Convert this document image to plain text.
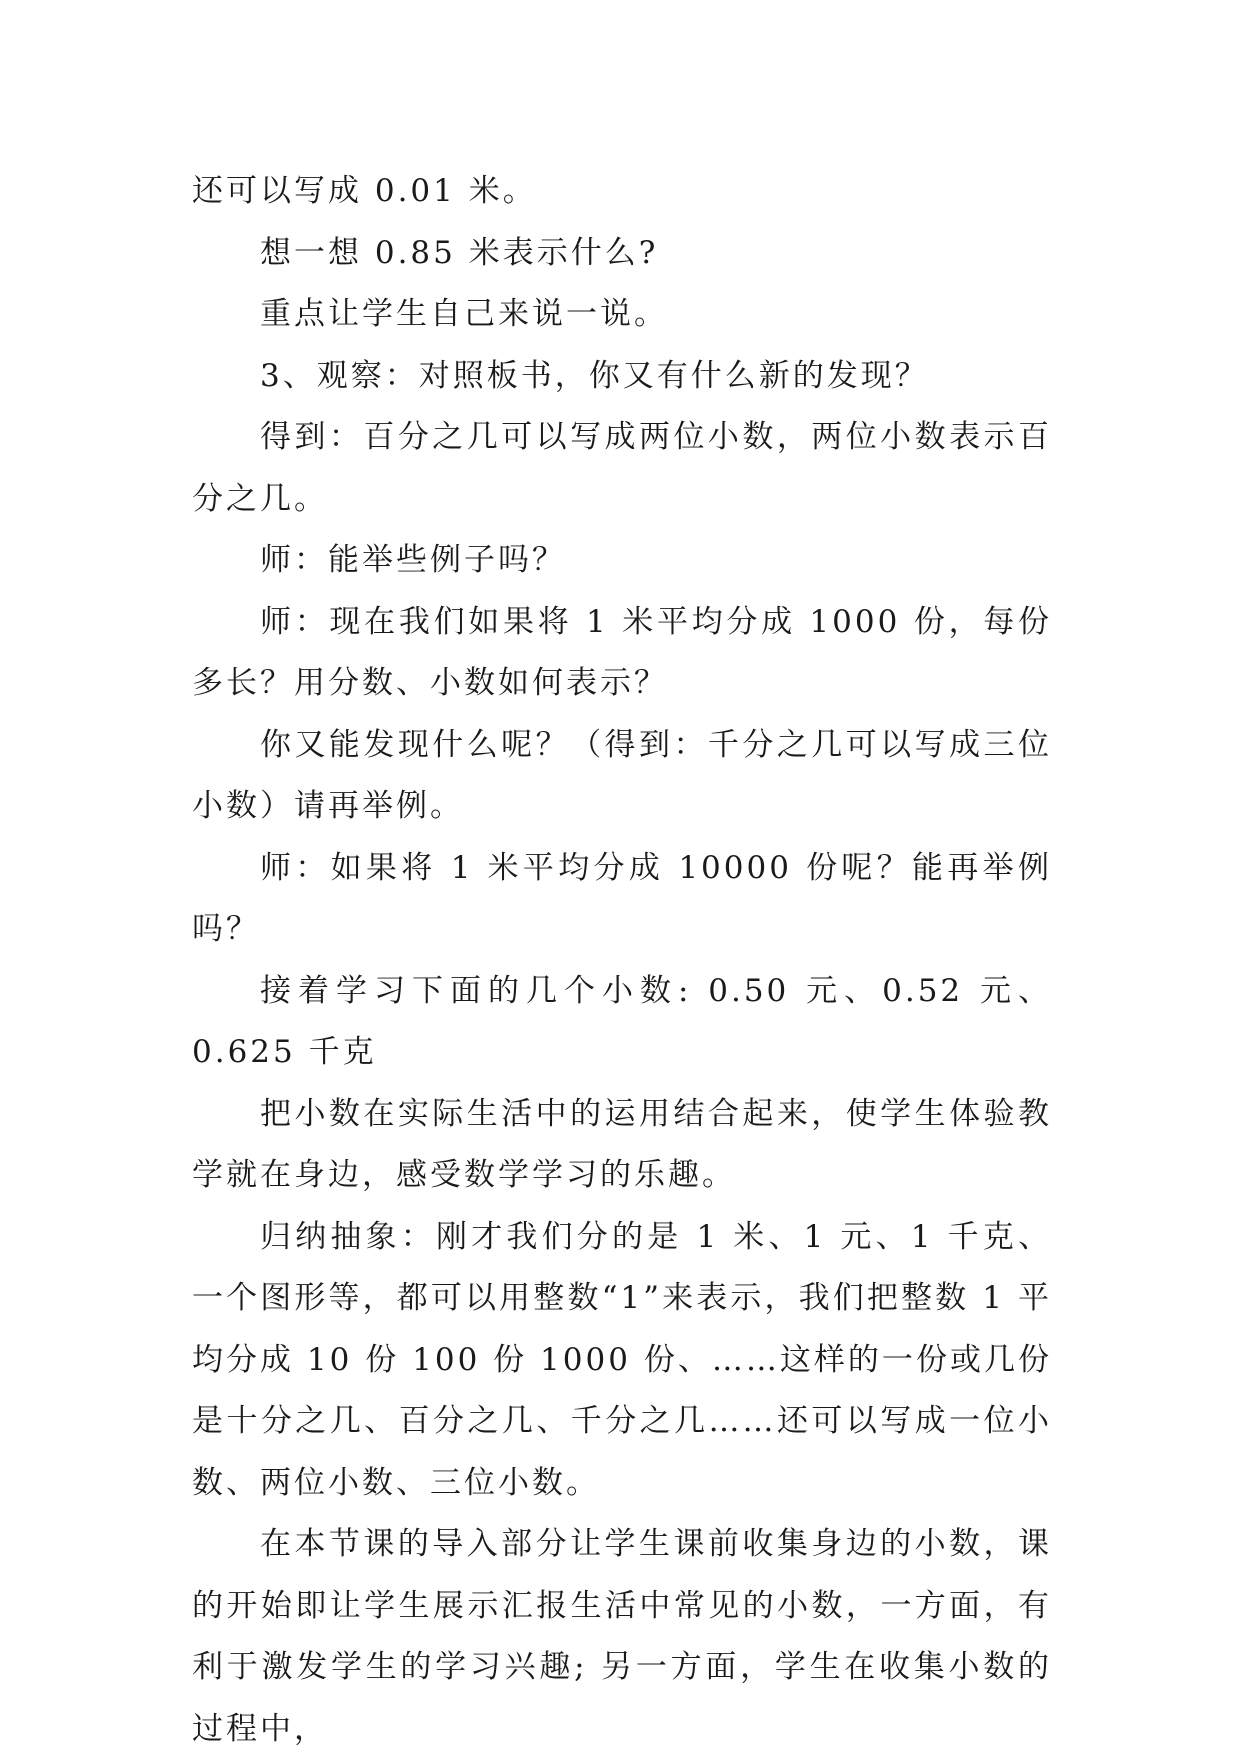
还可以写成 0.01 米。

想一想 0.85 米表示什么?

重点让学生自己来说一说。

3、观察：对照板书，你又有什么新的发现？

得到：百分之几可以写成两位小数，两位小数表示百分之几。

师：能举些例子吗？

师：现在我们如果将 1 米平均分成 1000 份，每份多长？用分数、小数如何表示？

你又能发现什么呢？（得到：千分之几可以写成三位小数）请再举例。

师：如果将 1 米平均分成 10000 份呢？能再举例吗？

接着学习下面的几个小数: 0.50 元、0.52 元、0.625 千克

把小数在实际生活中的运用结合起来，使学生体验教学就在身边，感受数学学习的乐趣。

归纳抽象：刚才我们分的是 1 米、1 元、1 千克、一个图形等，都可以用整数“1”来表示，我们把整数 1 平均分成 10 份 100 份 1000 份、……这样的一份或几份是十分之几、百分之几、千分之几……还可以写成一位小数、两位小数、三位小数。

在本节课的导入部分让学生课前收集身边的小数，课的开始即让学生展示汇报生活中常见的小数，一方面，有利于激发学生的学习兴趣; 另一方面，学生在收集小数的过程中，
